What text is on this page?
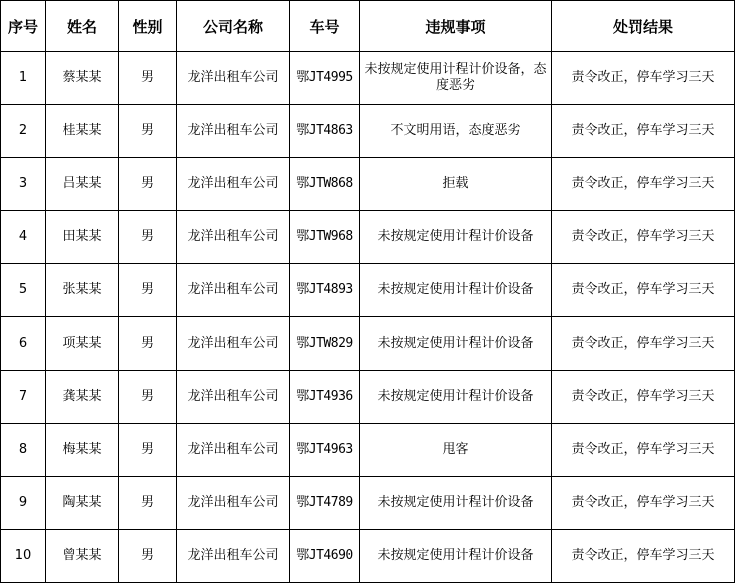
序号	姓名	性别	公司名称	车号	违规事项	处罚结果
1	蔡某某	男	龙洋出租车公司	鄂JT4995	未按规定使用计程计价设备，态度恶劣	责令改正，停车学习三天
2	桂某某	男	龙洋出租车公司	鄂JT4863	不文明用语，态度恶劣	责令改正，停车学习三天
3	吕某某	男	龙洋出租车公司	鄂JTW868	拒载	责令改正，停车学习三天
4	田某某	男	龙洋出租车公司	鄂JTW968	未按规定使用计程计价设备	责令改正，停车学习三天
5	张某某	男	龙洋出租车公司	鄂JT4893	未按规定使用计程计价设备	责令改正，停车学习三天
6	项某某	男	龙洋出租车公司	鄂JTW829	未按规定使用计程计价设备	责令改正，停车学习三天
7	龚某某	男	龙洋出租车公司	鄂JT4936	未按规定使用计程计价设备	责令改正，停车学习三天
8	梅某某	男	龙洋出租车公司	鄂JT4963	甩客	责令改正，停车学习三天
9	陶某某	男	龙洋出租车公司	鄂JT4789	未按规定使用计程计价设备	责令改正，停车学习三天
10	曾某某	男	龙洋出租车公司	鄂JT4690	未按规定使用计程计价设备	责令改正，停车学习三天
